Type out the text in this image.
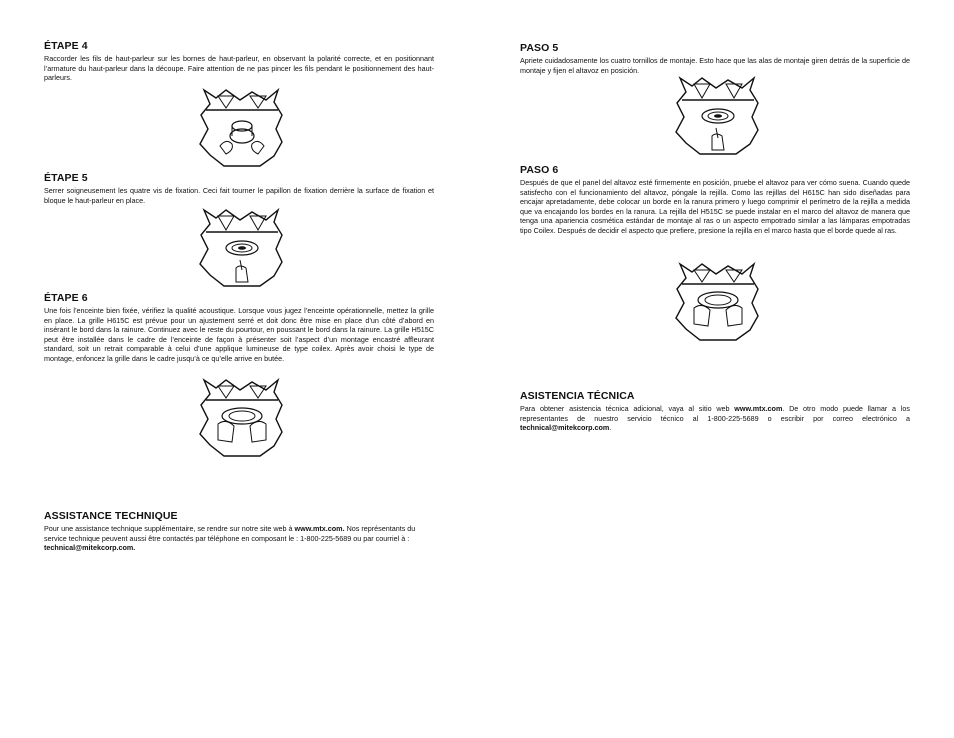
ÉTAPE 4

Raccorder les fils de haut-parleur sur les bornes de haut-parleur, en observant la polarité correcte, et en positionnant l’armature du haut-parleur dans la découpe. Faire attention de ne pas pincer les fils pendant le positionnement des haut-parleurs.

ÉTAPE 5

Serrer soigneusement les quatre vis de fixation. Ceci fait tourner le papillon de fixation derrière la surface de fixation et bloque le haut-parleur en place.

ÉTAPE 6

Une fois l’enceinte bien fixée, vérifiez la qualité acoustique. Lorsque vous jugez l’enceinte opérationnelle, mettez la grille en place. La grille H615C est prévue pour un ajustement serré et doit donc être mise en place d’un côté d’abord en insérant le bord dans la rainure. Continuez avec le reste du pourtour, en poussant le bord dans la rainure. La grille H515C peut être installée dans le cadre de l’enceinte de façon à présenter soit l’aspect d’un montage encastré affleurant standard, soit un retrait comparable à celui d’une applique lumineuse de type coilex. Après avoir choisi le type de montage, enfoncez la grille dans le cadre jusqu’à ce qu’elle arrive en butée.

ASSISTANCE TECHNIQUE

Pour une assistance technique supplémentaire, se rendre sur notre site web à www.mtx.com. Nos représentants du service technique peuvent aussi être contactés par téléphone en composant le : 1-800-225-5689 ou par courriel à : technical@mitekcorp.com.

PASO 5

Apriete cuidadosamente los cuatro tornillos de montaje. Esto hace que las alas de montaje giren detrás de la superficie de montaje y fijen el altavoz en posición.

PASO 6

Después de que el panel del altavoz esté firmemente en posición, pruebe el altavoz para ver cómo suena. Cuando quede satisfecho con el funcionamiento del altavoz, póngale la rejilla. Como las rejillas del H615C han sido diseñadas para encajar apretadamente, debe colocar un borde en la ranura primero y luego comprimir el perímetro de la rejilla a medida que va encajando los bordes en la ranura. La rejilla del H515C se puede instalar en el marco del altavoz de manera que tenga una apariencia cosmética estándar de montaje al ras o un aspecto empotrado similar a las lámparas empotradas tipo Coilex. Después de decidir el aspecto que prefiere, presione la rejilla en el marco hasta que el borde quede al ras.

ASISTENCIA TÉCNICA

Para obtener asistencia técnica adicional, vaya al sitio web www.mtx.com. De otro modo puede llamar a los representantes de nuestro servicio técnico al 1-800-225-5689 o escribir por correo electrónico a technical@mitekcorp.com.
